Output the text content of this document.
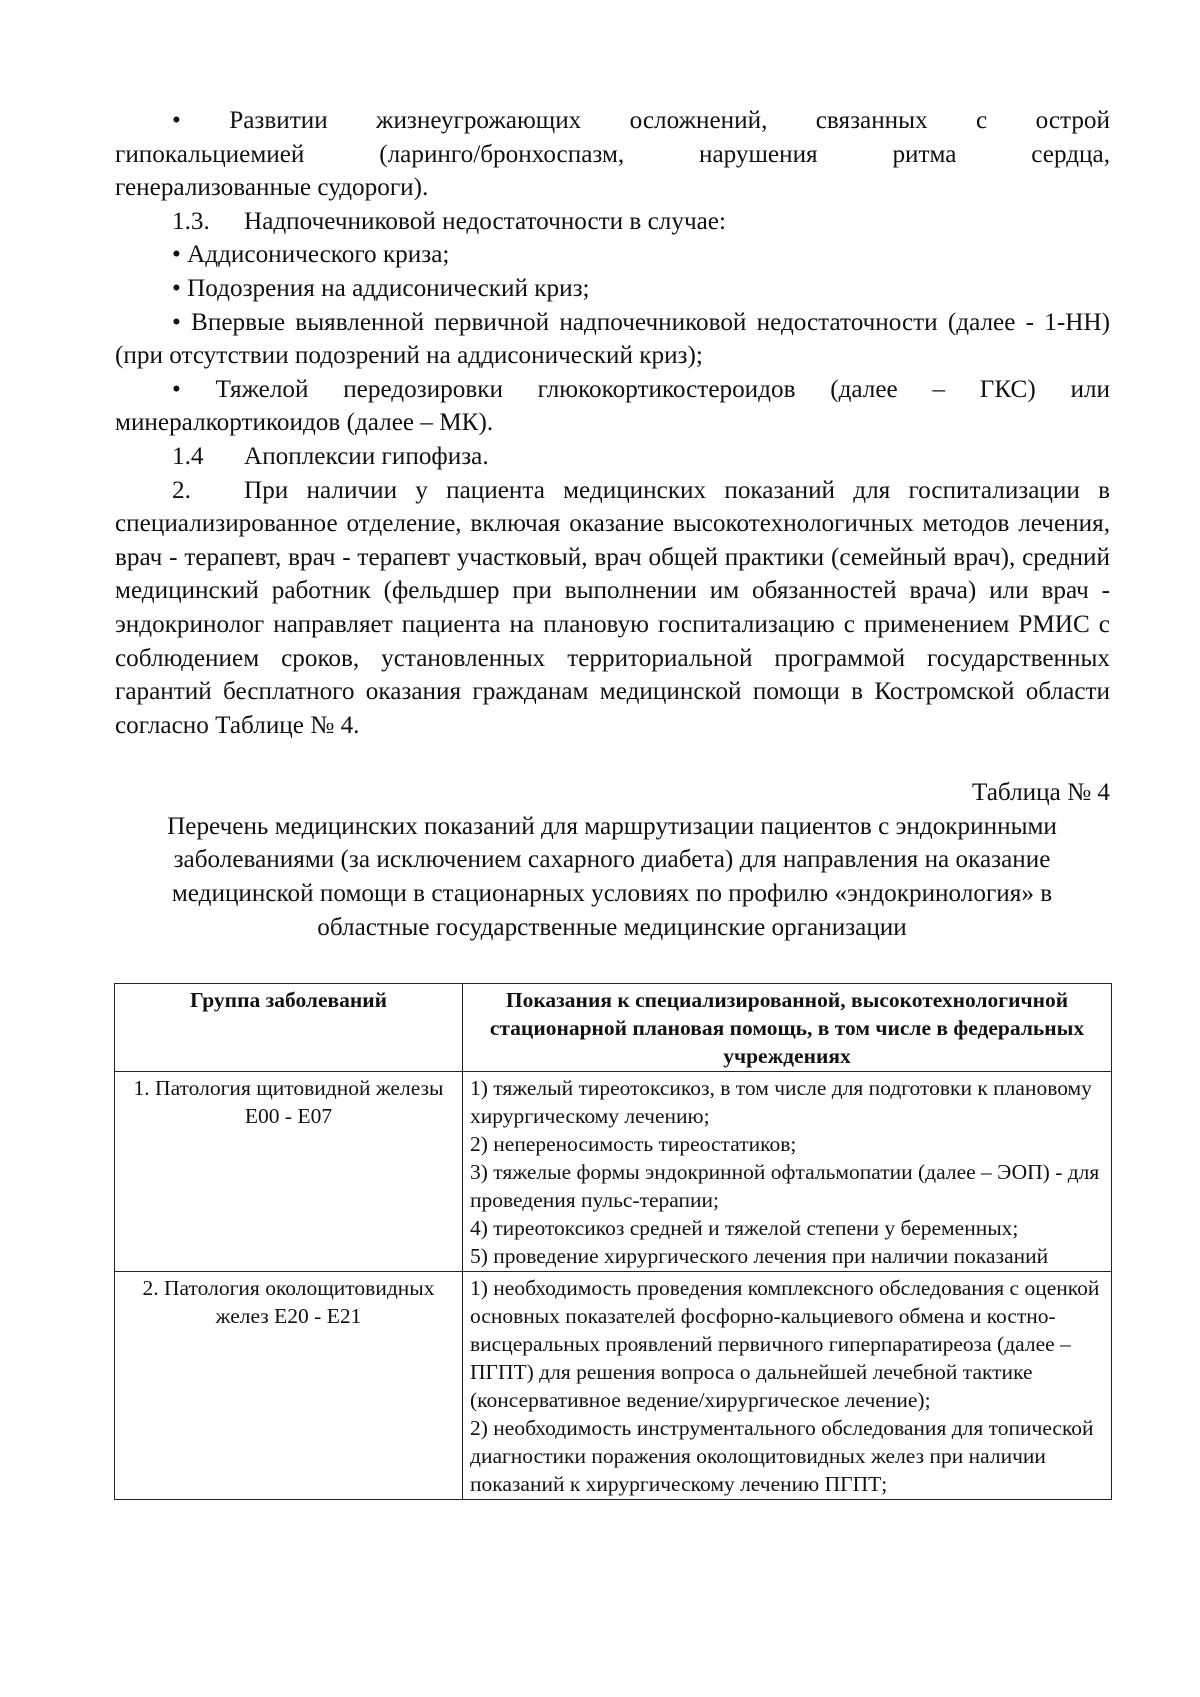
• Развитии жизнеугрожающих осложнений, связанных с острой

гипокальциемией (ларинго/бронхоспазм, нарушения ритма сердца,

генерализованные судороги).

1.3. Надпочечниковой недостаточности в случае:

• Аддисонического криза;

• Подозрения на аддисонический криз;

• Впервые выявленной первичной надпочечниковой недостаточности (далее - 1-НН) (при отсутствии подозрений на аддисонический криз);

• Тяжелой передозировки глюкокортикостероидов (далее – ГКС) или минералкортикоидов (далее – МК).

1.4 Апоплексии гипофиза.

2. При наличии у пациента медицинских показаний для госпитализации в специализированное отделение, включая оказание высокотехнологичных методов лечения, врач - терапевт, врач - терапевт участковый, врач общей практики (семейный врач), средний медицинский работник (фельдшер при выполнении им обязанностей врача) или врач - эндокринолог направляет пациента на плановую госпитализацию с применением РМИС с соблюдением сроков, установленных территориальной программой государственных гарантий бесплатного оказания гражданам медицинской помощи в Костромской области согласно Таблице № 4.

Таблица № 4

Перечень медицинских показаний для маршрутизации пациентов с эндокринными заболеваниями (за исключением сахарного диабета) для направления на оказание медицинской помощи в стационарных условиях по профилю «эндокринология» в областные государственные медицинские организации

Группа заболеваний	Показания к специализированной, высокотехнологичной стационарной плановая помощь, в том числе в федеральных учреждениях
1. Патология щитовидной железы Е00 - Е07	1) тяжелый тиреотоксикоз, в том числе для подготовки к плановому хирургическому лечению;
2) непереносимость тиреостатиков;
3) тяжелые формы эндокринной офтальмопатии (далее – ЭОП) - для проведения пульс-терапии;
4) тиреотоксикоз средней и тяжелой степени у беременных;
5) проведение хирургического лечения при наличии показаний

2. Патология околощитовидных желез Е20 - Е21	1) необходимость проведения комплексного обследования с оценкой основных показателей фосфорно-кальциевого обмена и костно-висцеральных проявлений первичного гиперпаратиреоза (далее – ПГПТ) для решения вопроса о дальнейшей лечебной тактике (консервативное ведение/хирургическое лечение);
2) необходимость инструментального обследования для топической диагностики поражения околощитовидных желез при наличии показаний к хирургическому лечению ПГПТ;
